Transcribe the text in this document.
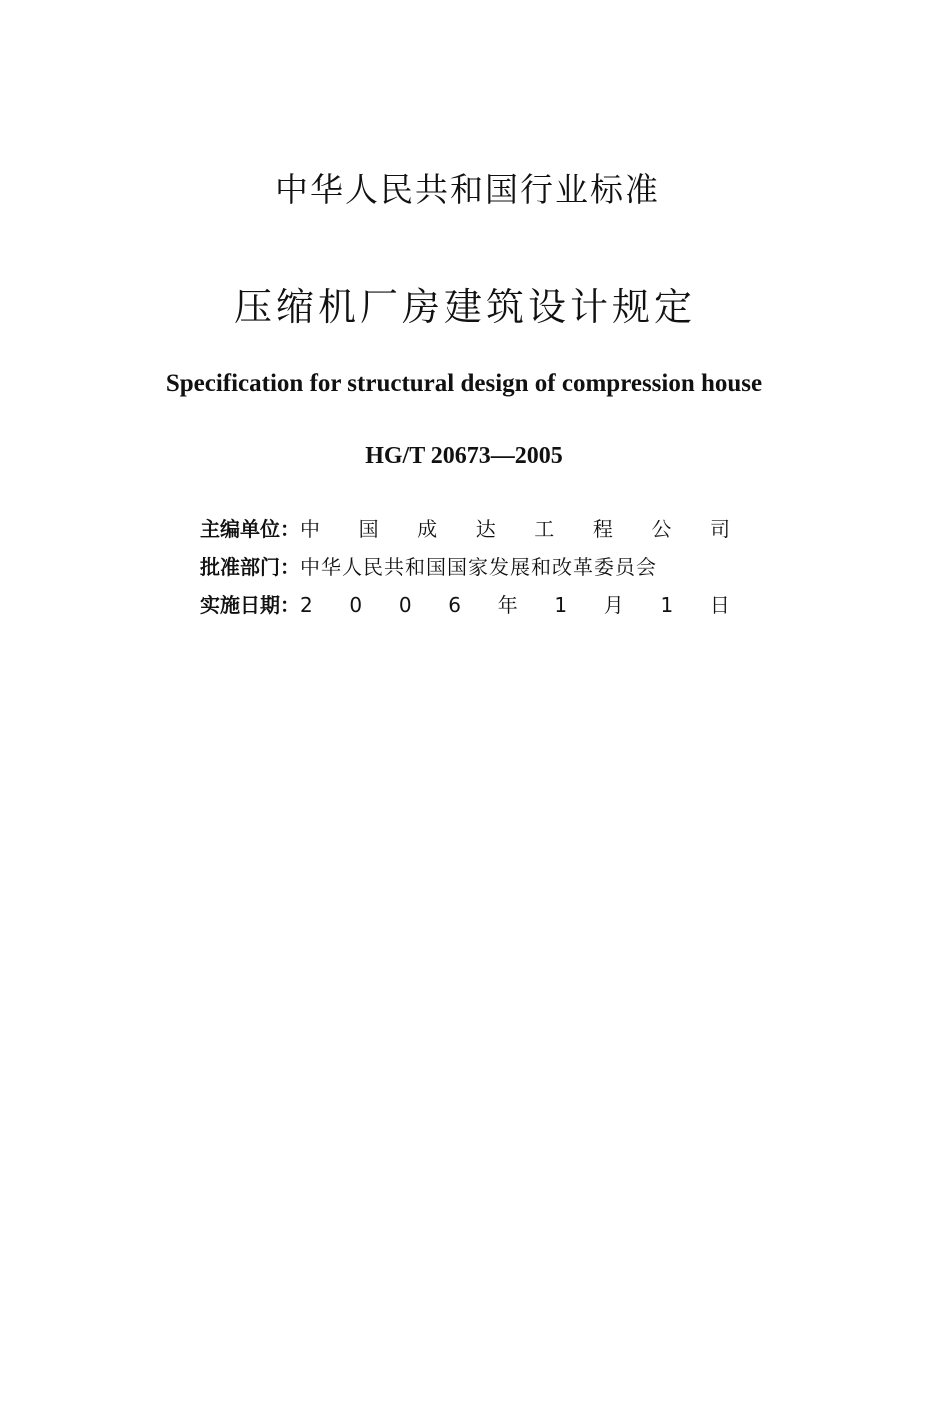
中华人民共和国行业标准
压缩机厂房建筑设计规定
Specification for structural design of compression house
HG/T 20673—2005
主编单位： 中 国 成 达 工 程 公 司
批准部门： 中华人民共和国国家发展和改革委员会
实施日期： 2 0 0 6 年 1 月 1 日
